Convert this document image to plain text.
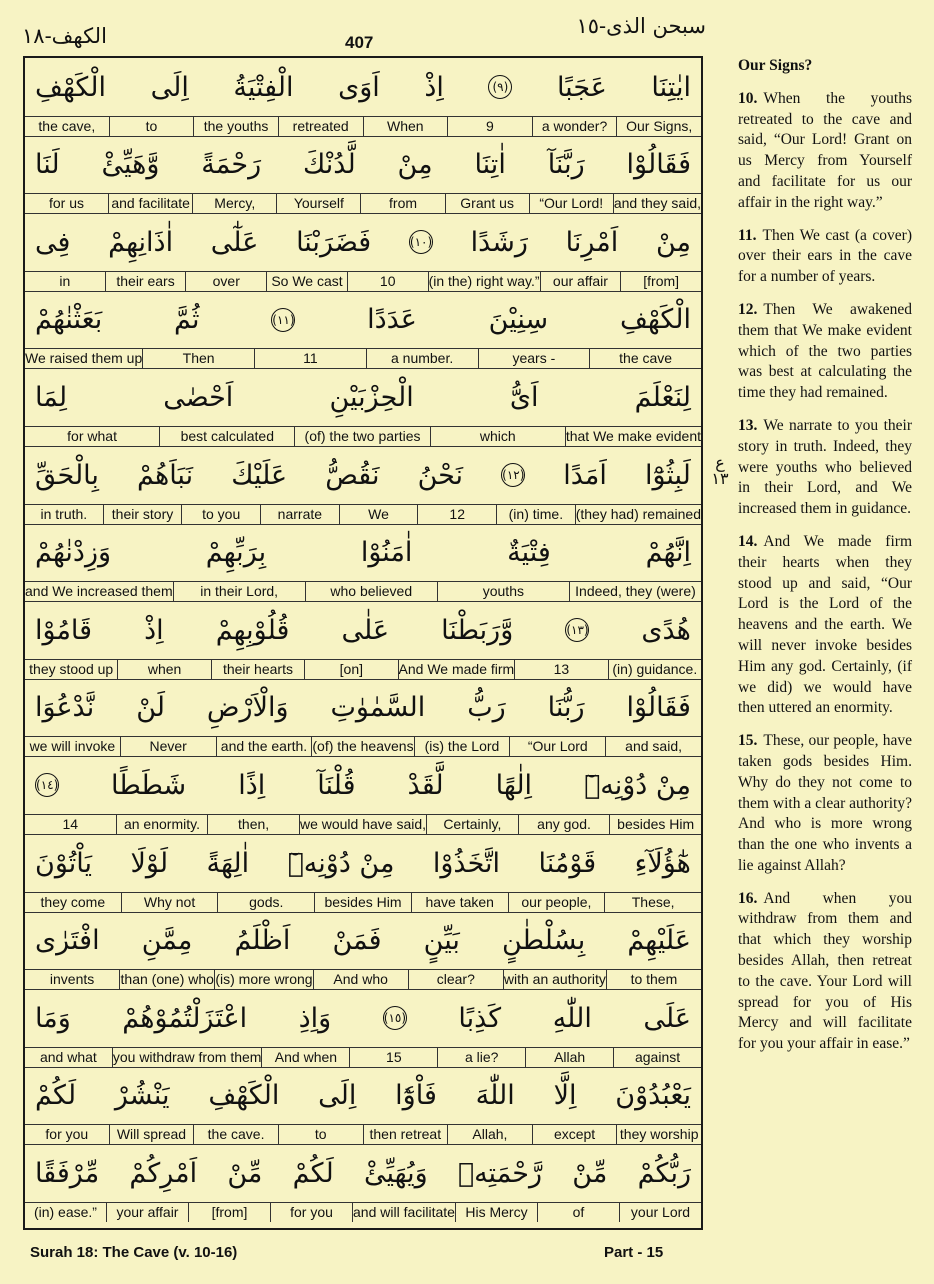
الكهف-١٨	407
سبحن الذى-١٥
ايٰتِنَا
عَجَبًا
(٩)
اِذْ
اَوَى
الْفِتْيَةُ
اِلَى
الْكَهْفِ
Our Signs,
a wonder?
9
When
retreated
the youths
to
the cave,
فَقَالُوْا
رَبَّنَآ
اٰتِنَا
مِنْ
لَّدُنْكَ
رَحْمَةً
وَّهَيِّئْ
لَنَا
and they said,
“Our Lord!
Grant us
from
Yourself
Mercy,
and facilitate
for us
مِنْ
اَمْرِنَا
رَشَدًا
(١٠)
فَضَرَبْنَا
عَلٰٓى
اٰذَانِهِمْ
فِى
[from]
our affair
(in the) right way.”
10
So We cast
over
their ears
in
الْكَهْفِ
سِنِيْنَ
عَدَدًا
(١١)
ثُمَّ
بَعَثْنٰهُمْ
the cave
years -
a number.
11
Then
We raised them up
لِنَعْلَمَ
اَىُّ
الْحِزْبَيْنِ
اَحْصٰى
لِمَا
that We make evident
which
(of) the two parties
best calculated
for what
لَبِثُوْٓا
اَمَدًا
(١٢)
نَحْنُ
نَقُصُّ
عَلَيْكَ
نَبَاَهُمْ
بِالْحَقِّ
(they had) remained
(in) time.
12
We
narrate
to you
their story
in truth.
اِنَّهُمْ
فِتْيَةٌ
اٰمَنُوْا
بِرَبِّهِمْ
وَزِدْنٰهُمْ
Indeed, they (were)
youths
who believed
in their Lord,
and We increased them
هُدًى
(١٣)
وَّرَبَطْنَا
عَلٰى
قُلُوْبِهِمْ
اِذْ
قَامُوْا
(in) guidance.
13
And We made firm
[on]
their hearts
when
they stood up
فَقَالُوْا
رَبُّنَا
رَبُّ
السَّمٰوٰتِ
وَالْاَرْضِ
لَنْ
نَّدْعُوَا
and said,
“Our Lord
(is) the Lord
(of) the heavens
and the earth.
Never
we will invoke
مِنْ دُوْنِهٖٓ
اِلٰهًا
لَّقَدْ
قُلْنَآ
اِذًا
شَطَطًا
(١٤)
besides Him
any god.
Certainly,
we would have said,
then,
an enormity.
14
هٰٓؤُلَآءِ
قَوْمُنَا
اتَّخَذُوْا
مِنْ دُوْنِهٖٓ
اٰلِهَةً
لَوْلَا
يَاْتُوْنَ
These,
our people,
have taken
besides Him
gods.
Why not
they come
عَلَيْهِمْ
بِسُلْطٰنٍ
بَيِّنٍ
فَمَنْ
اَظْلَمُ
مِمَّنِ
افْتَرٰى
to them
with an authority
clear?
And who
(is) more wrong
than (one) who
invents
عَلَى
اللّٰهِ
كَذِبًا
(١٥)
وَاِذِ
اعْتَزَلْتُمُوْهُمْ
وَمَا
against
Allah
a lie?
15
And when
you withdraw from them
and what
يَعْبُدُوْنَ
اِلَّا
اللّٰهَ
فَاْوٗٓا
اِلَى
الْكَهْفِ
يَنْشُرْ
لَكُمْ
they worship
except
Allah,
then retreat
to
the cave.
Will spread
for you
رَبُّكُمْ
مِّنْ
رَّحْمَتِهٖ
وَيُهَيِّئْ
لَكُمْ
مِّنْ
اَمْرِكُمْ
مِّرْفَقًا
your Lord
of
His Mercy
and will facilitate
for you
[from]
your affair
(in) ease.”
ع ١٣
Our Signs?
10. When the youths retreated to the cave and said, “Our Lord! Grant on us Mercy from Yourself and facilitate for us our affair in the right way.”
11. Then We cast (a cover) over their ears in the cave for a number of years.
12. Then We awakened them that We make evident which of the two parties was best at calculating the time they had remained.
13. We narrate to you their story in truth. Indeed, they were youths who believed in their Lord, and We increased them in guidance.
14. And We made firm their hearts when they stood up and said, “Our Lord is the Lord of the heavens and the earth. We will never invoke besides Him any god. Certainly, (if we did) we would have then uttered an enormity.
15. These, our people, have taken gods besides Him. Why do they not come to them with a clear authority? And who is more wrong than the one who invents a lie against Allah?
16. And when you withdraw from them and that which they worship besides Allah, then retreat to the cave. Your Lord will spread for you of His Mercy and will facilitate for you your affair in ease.”
Surah 18: The Cave (v. 10-16)	Part - 15
